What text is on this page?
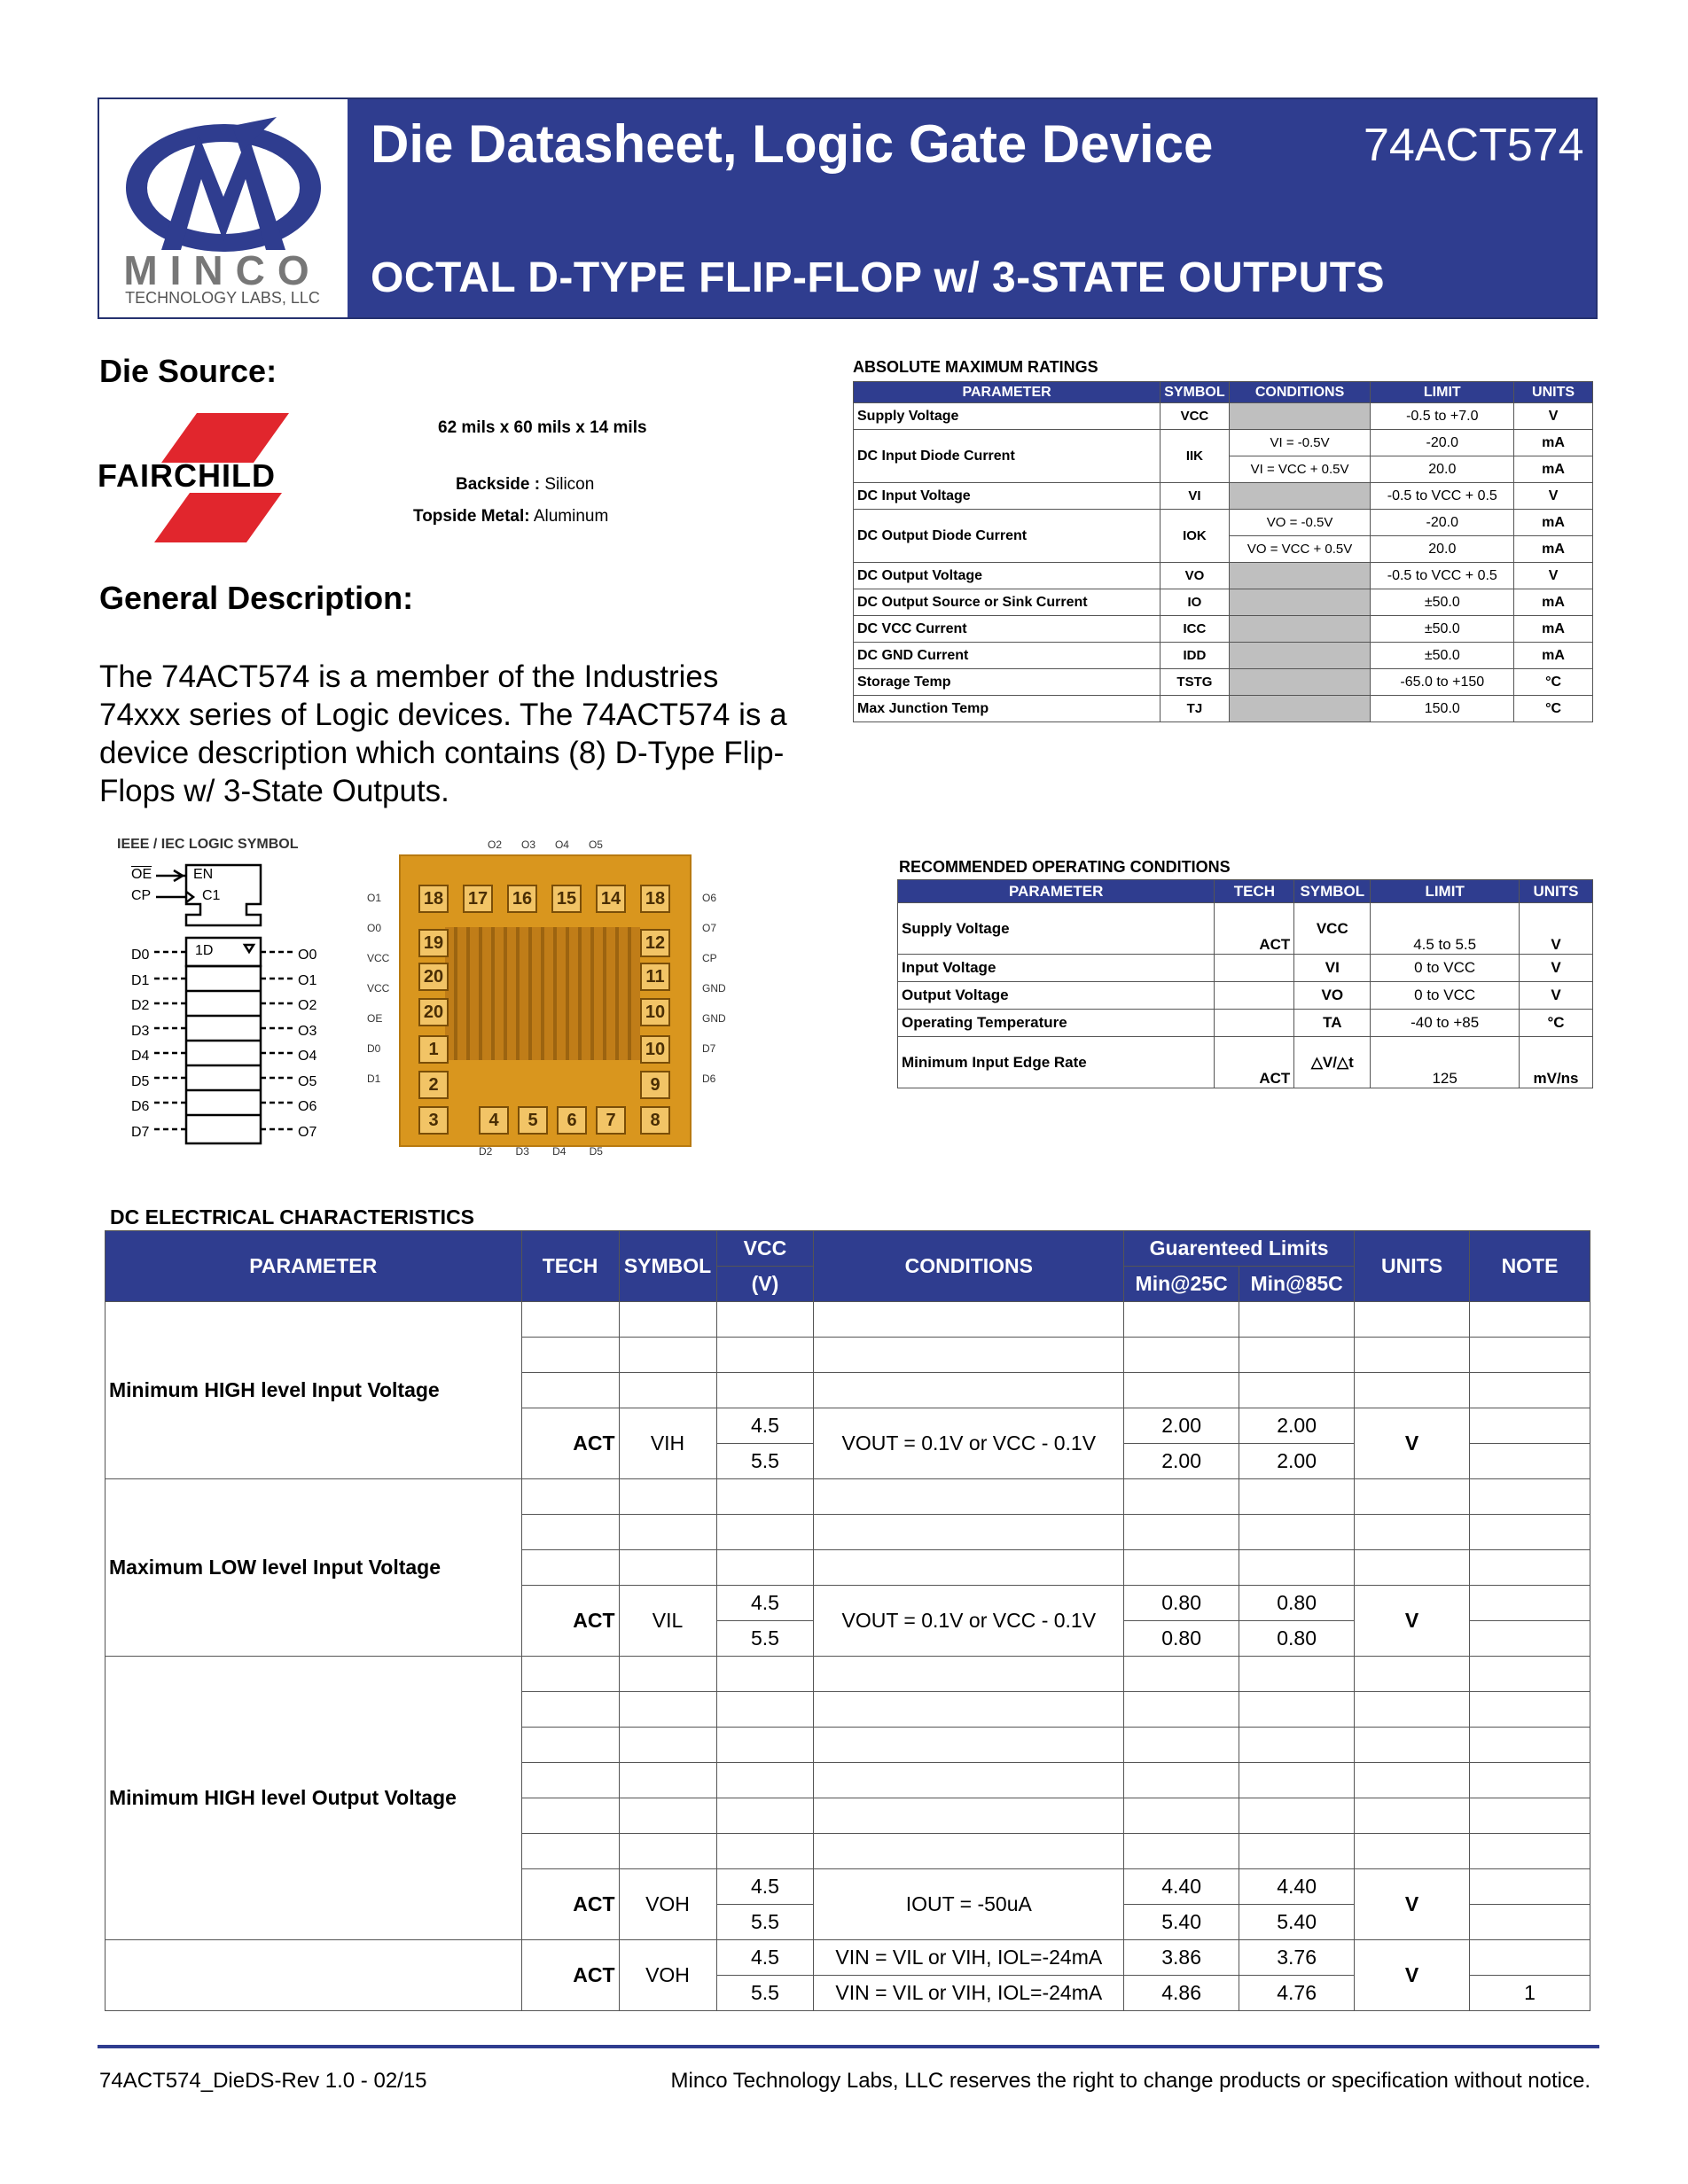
MINCO
TECHNOLOGY LABS, LLC
Die Datasheet, Logic Gate Device	74ACT574
OCTAL D-TYPE FLIP-FLOP w/ 3-STATE OUTPUTS
Die Source:
FAIRCHILD
62 mils x 60 mils x 14 mils
Backside : Silicon
Topside Metal: Aluminum
General Description:
The 74ACT574 is a member of the Industries 74xxx series of Logic devices. The 74ACT574 is a device description which contains (8) D-Type Flip-Flops w/ 3-State Outputs.
IEEE / IEC LOGIC SYMBOL
$\overline{OE}$
CP
EN
C1
1D
D0
D1
D2
D3
D4
D5
D6
D7
O0
O1
O2
O3
O4
O5
O6
O7
18 17 16 15 14 18
19	12
20	11
20	10
1	10
2	9
3	4	5	6	7	8
O2 O3 O4 O5
D2 D3 D4 D5
O1
O0
VCC
VCC
OE
D0
D1
O6
O7
CP
GND
GND
D7
D6
ABSOLUTE MAXIMUM RATINGS
PARAMETER	SYMBOL	CONDITIONS	LIMIT	UNITS
Supply Voltage	VCC		-0.5 to +7.0	V
DC Input Diode Current	IIK	VI = -0.5V	-20.0	mA
		VI = VCC + 0.5V	20.0	mA
DC Input Voltage	VI		-0.5 to VCC + 0.5	V
DC Output Diode Current	IOK	VO = -0.5V	-20.0	mA
		VO = VCC + 0.5V	20.0	mA
DC Output Voltage	VO		-0.5 to VCC + 0.5	V
DC Output Source or Sink Current	IO		±50.0	mA
DC VCC Current	ICC		±50.0	mA
DC GND Current	IDD		±50.0	mA
Storage Temp	TSTG		-65.0 to +150	°C
Max Junction Temp	TJ		150.0	°C
RECOMMENDED OPERATING CONDITIONS
PARAMETER	TECH	SYMBOL	LIMIT	UNITS
Supply Voltage	ACT	VCC	4.5 to 5.5	V
Input Voltage		VI	0 to VCC	V
Output Voltage		VO	0 to VCC	V
Operating Temperature		TA	-40 to +85	°C
Minimum Input Edge Rate	ACT	△V/△t	125	mV/ns
DC ELECTRICAL CHARACTERISTICS
PARAMETER	TECH	SYMBOL	VCC	CONDITIONS	Guarenteed Limits		UNITS	NOTE
			(V)		Min@25C	Min@85C		
Minimum HIGH level Input Voltage								

	ACT	VIH	4.5	VOUT = 0.1V or VCC - 0.1V	2.00	2.00	V	
			5.5		2.00	2.00		
Maximum LOW level Input Voltage								

	ACT	VIL	4.5	VOUT = 0.1V or VCC - 0.1V	0.80	0.80	V	
			5.5		0.80	0.80		
Minimum HIGH level Output Voltage								

	ACT	VOH	4.5	IOUT = -50uA	4.40	4.40	V	
			5.5		5.40	5.40		
	ACT	VOH	4.5	VIN = VIL or VIH, IOL=-24mA	3.86	3.76	V	
			5.5	VIN = VIL or VIH, IOL=-24mA	4.86	4.76		1
74ACT574_DieDS-Rev 1.0 - 02/15	Minco Technology Labs, LLC reserves the right to change products or specification without notice.
